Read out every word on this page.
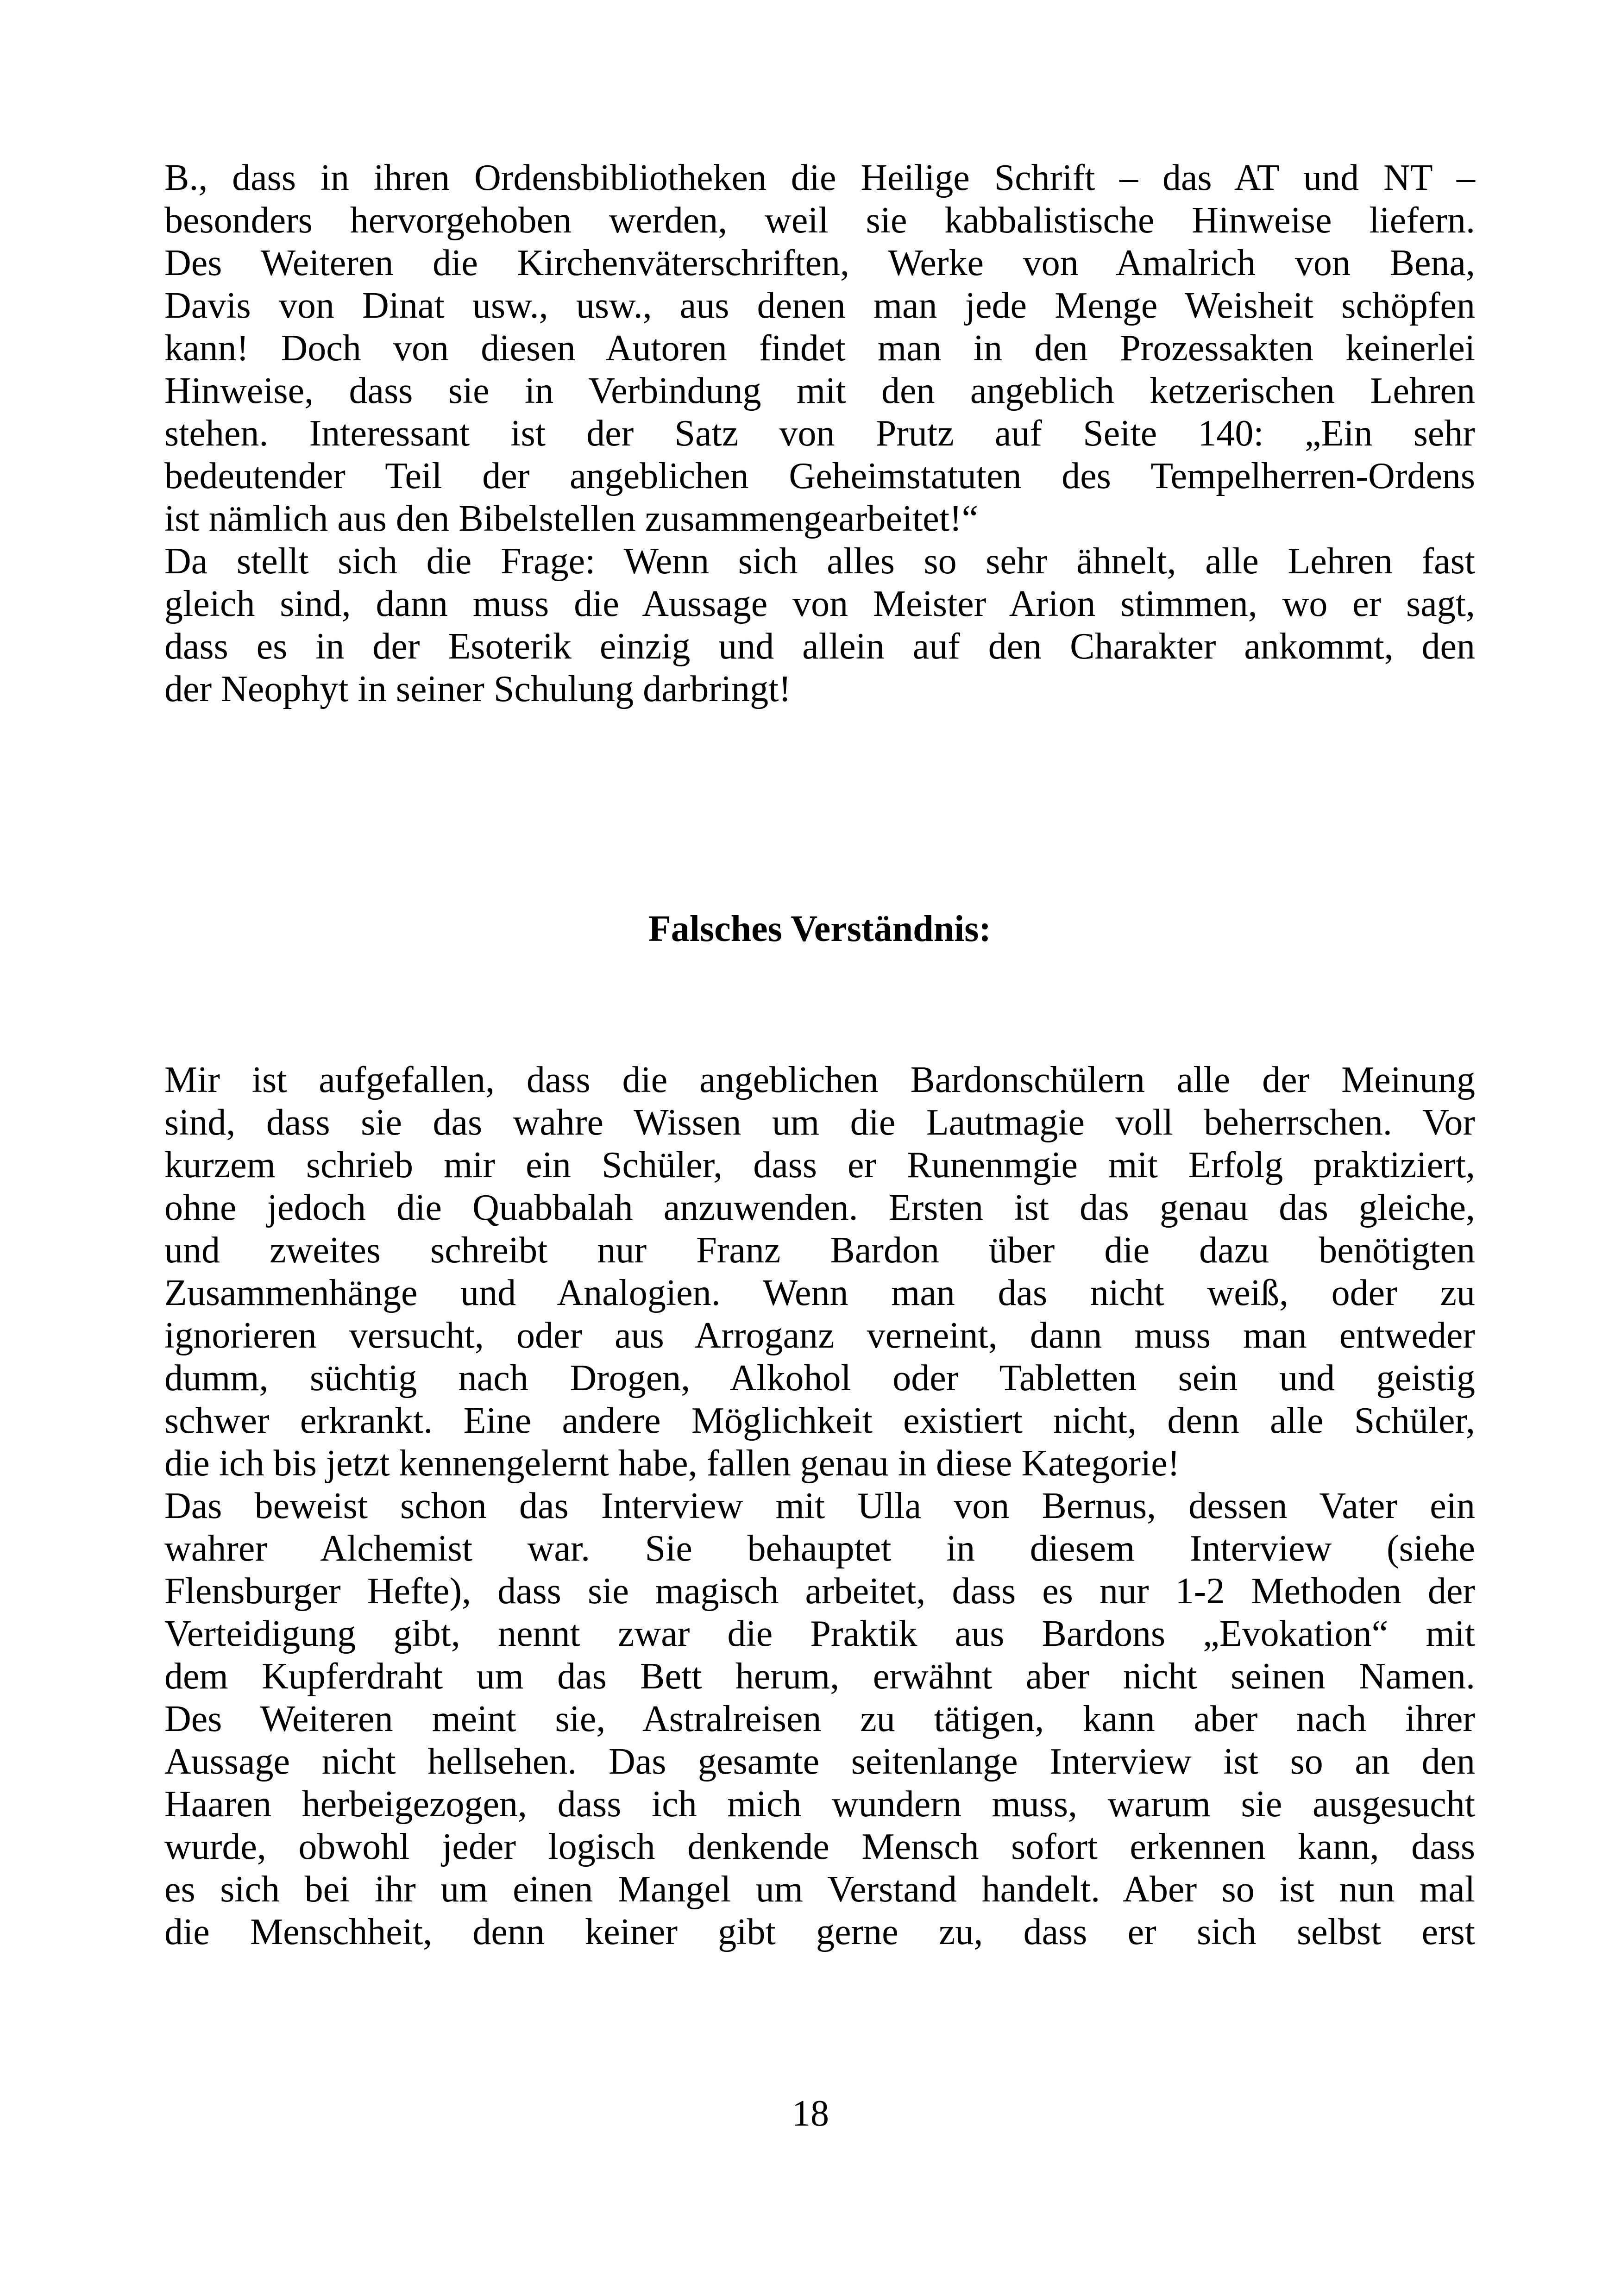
B., dass in ihren Ordensbibliotheken die Heilige Schrift – das AT und NT –
besonders hervorgehoben werden, weil sie kabbalistische Hinweise liefern.
Des Weiteren die Kirchenväterschriften, Werke von Amalrich von Bena,
Davis von Dinat usw., usw., aus denen man jede Menge Weisheit schöpfen
kann! Doch von diesen Autoren findet man in den Prozessakten keinerlei
Hinweise, dass sie in Verbindung mit den angeblich ketzerischen Lehren
stehen. Interessant ist der Satz von Prutz auf Seite 140: „Ein sehr
bedeutender Teil der angeblichen Geheimstatuten des Tempelherren-Ordens
ist nämlich aus den Bibelstellen zusammengearbeitet!“
Da stellt sich die Frage: Wenn sich alles so sehr ähnelt, alle Lehren fast
gleich sind, dann muss die Aussage von Meister Arion stimmen, wo er sagt,
dass es in der Esoterik einzig und allein auf den Charakter ankommt, den
der Neophyt in seiner Schulung darbringt!
Falsches Verständnis:
Mir ist aufgefallen, dass die angeblichen Bardonschülern alle der Meinung
sind, dass sie das wahre Wissen um die Lautmagie voll beherrschen. Vor
kurzem schrieb mir ein Schüler, dass er Runenmgie mit Erfolg praktiziert,
ohne jedoch die Quabbalah anzuwenden. Ersten ist das genau das gleiche,
und zweites schreibt nur Franz Bardon über die dazu benötigten
Zusammenhänge und Analogien. Wenn man das nicht weiß, oder zu
ignorieren versucht, oder aus Arroganz verneint, dann muss man entweder
dumm, süchtig nach Drogen, Alkohol oder Tabletten sein und geistig
schwer erkrankt. Eine andere Möglichkeit existiert nicht, denn alle Schüler,
die ich bis jetzt kennengelernt habe, fallen genau in diese Kategorie!
Das beweist schon das Interview mit Ulla von Bernus, dessen Vater ein
wahrer Alchemist war. Sie behauptet in diesem Interview (siehe
Flensburger Hefte), dass sie magisch arbeitet, dass es nur 1-2 Methoden der
Verteidigung gibt, nennt zwar die Praktik aus Bardons „Evokation“ mit
dem Kupferdraht um das Bett herum, erwähnt aber nicht seinen Namen.
Des Weiteren meint sie, Astralreisen zu tätigen, kann aber nach ihrer
Aussage nicht hellsehen. Das gesamte seitenlange Interview ist so an den
Haaren herbeigezogen, dass ich mich wundern muss, warum sie ausgesucht
wurde, obwohl jeder logisch denkende Mensch sofort erkennen kann, dass
es sich bei ihr um einen Mangel um Verstand handelt. Aber so ist nun mal
die Menschheit, denn keiner gibt gerne zu, dass er sich selbst erst
18
